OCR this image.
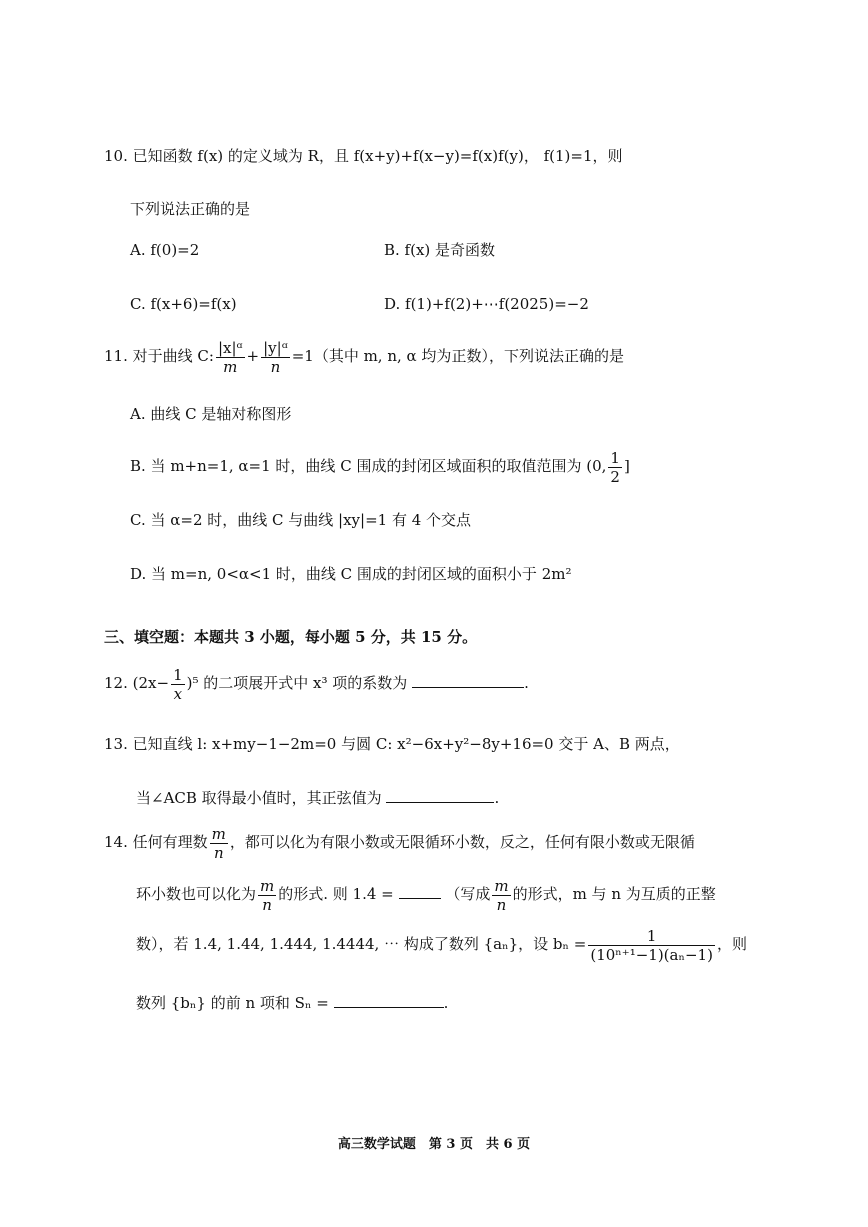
10. 已知函数 f(x) 的定义域为 R，且 f(x+y)+f(x−y)=f(x)f(y)， f(1)=1，则
下列说法正确的是
A. f(0)=2	B. f(x) 是奇函数
C. f(x+6)=f(x)	D. f(1)+f(2)+⋯f(2025)=−2
11. 对于曲线 C: $\frac{\text{|x|ᵅ}}{m} + \frac{\text{|y|ᵅ}}{n} =1$（其中 m, n, α 均为正数），下列说法正确的是
A. 曲线 C 是轴对称图形
B. 当 m+n=1, α=1 时，曲线 C 围成的封闭区域面积的取值范围为 (0, $\frac{1}{2}$ ]
C. 当 α=2 时，曲线 C 与曲线 |xy|=1 有 4 个交点
D. 当 m=n, 0<α<1 时，曲线 C 围成的封闭区域的面积小于 2m²
三、填空题：本题共 3 小题，每小题 5 分，共 15 分。
12. $(2x- \frac{1}{x} )^5$ 的二项展开式中 x³ 项的系数为	.
13. 已知直线 l: x+my−1−2m=0 与圆 C: x²−6x+y²−8y+16=0 交于 A、B 两点，
当∠ACB 取得最小值时，其正弦值为	.
14. 任何有理数 $\frac{m}{n}$ ，都可以化为有限小数或无限循环小数，反之，任何有限小数或无限循
环小数也可以化为 $\frac{m}{n}$ 的形式. 则 1.4̇ =	（写成 $\frac{m}{n}$ 的形式，m 与 n 为互质的正整
数），若 1.4, 1.44, 1.444, 1.4444, ⋯ 构成了数列 {aₙ}，设 $b_n = \frac{1}{\text{(10ⁿ⁺¹−1)(aₙ−1)}}$ ，则
数列 {bₙ} 的前 n 项和 Sₙ =	.
高三数学试题　第 3 页　共 6 页
